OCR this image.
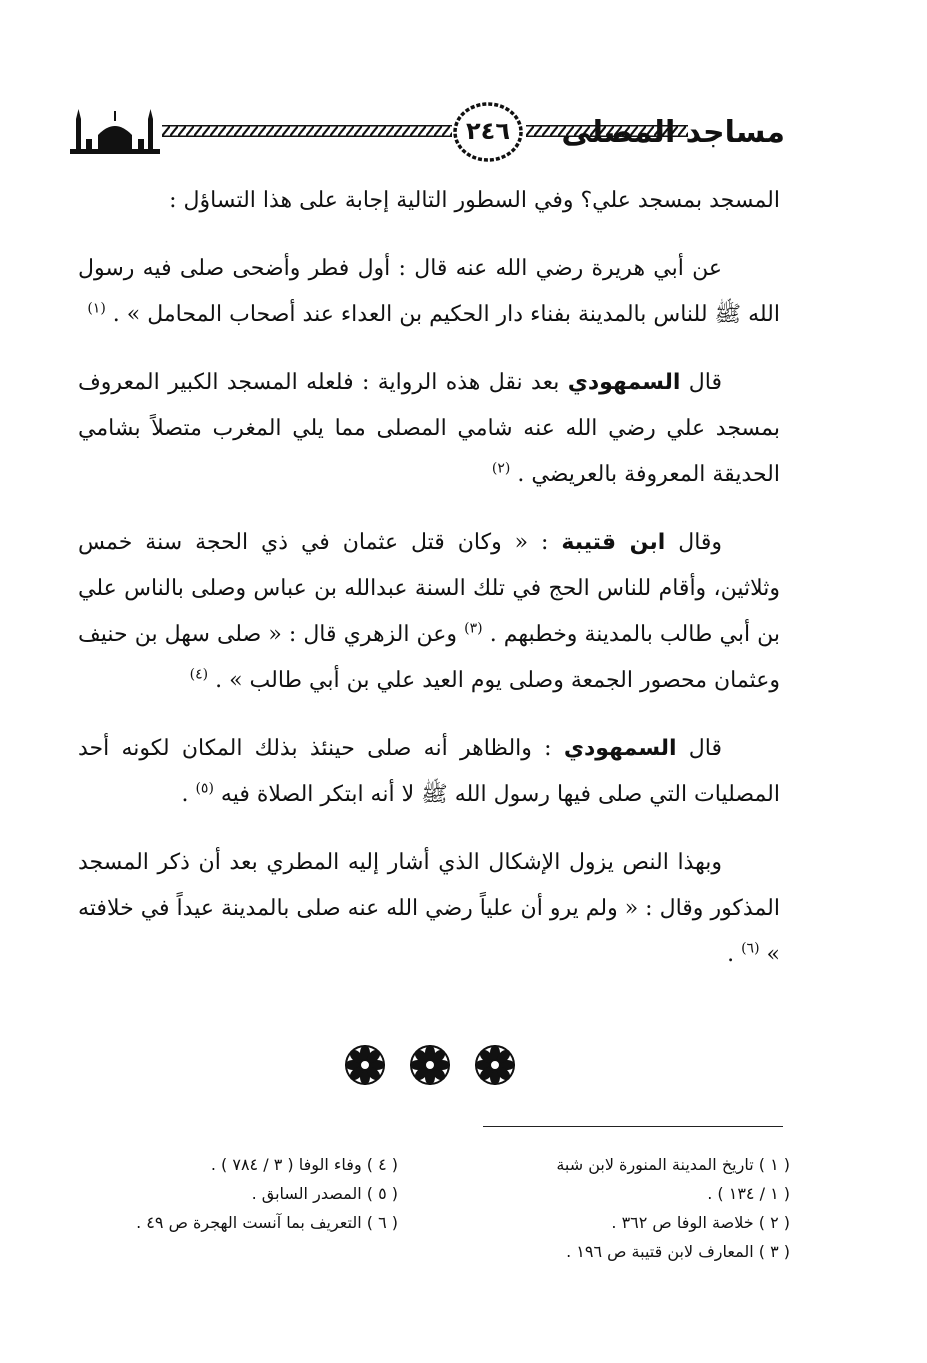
٢٤٦	مساجد المصلى

المسجد بمسجد علي؟ وفي السطور التالية إجابة على هذا التساؤل :

عن أبي هريرة رضي الله عنه قال : أول فطر وأضحى صلى فيه رسول الله ﷺ للناس بالمدينة بفناء دار الحكيم بن العداء عند أصحاب المحامل » . $^{(١)}$

قال السمهودي بعد نقل هذه الرواية : فلعله المسجد الكبير المعروف بمسجد علي رضي الله عنه شامي المصلى مما يلي المغرب متصلاً بشامي الحديقة المعروفة بالعريضي . $^{(٢)}$

وقال ابن قتيبة : « وكان قتل عثمان في ذي الحجة سنة خمس وثلاثين، وأقام للناس الحج في تلك السنة عبدالله بن عباس وصلى بالناس علي بن أبي طالب بالمدينة وخطبهم . $^{(٣)}$ وعن الزهري قال : « صلى سهل بن حنيف وعثمان محصور الجمعة وصلى يوم العيد علي بن أبي طالب » . $^{(٤)}$

قال السمهودي : والظاهر أنه صلى حينئذ بذلك المكان لكونه أحد المصليات التي صلى فيها رسول الله ﷺ لا أنه ابتكر الصلاة فيه $^{(٥)}$ .

وبهذا النص يزول الإشكال الذي أشار إليه المطري بعد أن ذكر المسجد المذكور وقال : « ولم يرو أن علياً رضي الله عنه صلى بالمدينة عيداً في خلافته » $^{(٦)}$ .

( ١ ) تاريخ المدينة المنورة لابن شبة
( ١ / ١٣٤ ) .
( ٢ ) خلاصة الوفا ص ٣٦٢ .
( ٣ ) المعارف لابن قتيبة ص ١٩٦ .
( ٤ ) وفاء الوفا ( ٣ / ٧٨٤ ) .
( ٥ ) المصدر السابق .
( ٦ ) التعريف بما آنست الهجرة ص ٤٩ .
